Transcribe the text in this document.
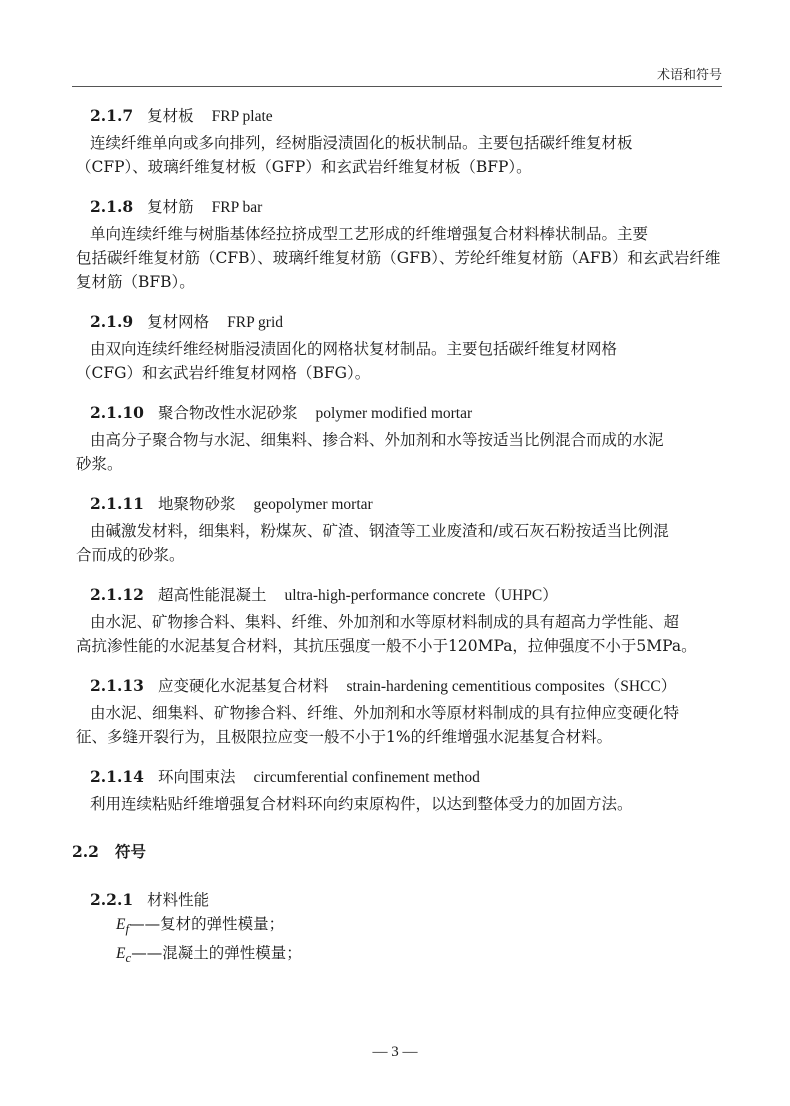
术语和符号
2.1.7 复材板 FRP plate
连续纤维单向或多向排列，经树脂浸渍固化的板状制品。主要包括碳纤维复材板
（CFP）、玻璃纤维复材板（GFP）和玄武岩纤维复材板（BFP）。
2.1.8 复材筋 FRP bar
单向连续纤维与树脂基体经拉挤成型工艺形成的纤维增强复合材料棒状制品。主要
包括碳纤维复材筋（CFB）、玻璃纤维复材筋（GFB）、芳纶纤维复材筋（AFB）和玄武岩纤维
复材筋（BFB）。
2.1.9 复材网格 FRP grid
由双向连续纤维经树脂浸渍固化的网格状复材制品。主要包括碳纤维复材网格
（CFG）和玄武岩纤维复材网格（BFG）。
2.1.10 聚合物改性水泥砂浆 polymer modified mortar
由高分子聚合物与水泥、细集料、掺合料、外加剂和水等按适当比例混合而成的水泥
砂浆。
2.1.11 地聚物砂浆 geopolymer mortar
由碱激发材料，细集料，粉煤灰、矿渣、钢渣等工业废渣和/或石灰石粉按适当比例混
合而成的砂浆。
2.1.12 超高性能混凝土 ultra-high-performance concrete（UHPC）
由水泥、矿物掺合料、集料、纤维、外加剂和水等原材料制成的具有超高力学性能、超
高抗渗性能的水泥基复合材料，其抗压强度一般不小于120MPa，拉伸强度不小于5MPa。
2.1.13 应变硬化水泥基复合材料 strain-hardening cementitious composites（SHCC）
由水泥、细集料、矿物掺合料、纤维、外加剂和水等原材料制成的具有拉伸应变硬化特
征、多缝开裂行为，且极限拉应变一般不小于1%的纤维增强水泥基复合材料。
2.1.14 环向围束法 circumferential confinement method
利用连续粘贴纤维增强复合材料环向约束原构件，以达到整体受力的加固方法。
2.2 符号
2.2.1 材料性能
$E_f——$复材的弹性模量；
$E_c——$混凝土的弹性模量；
— 3 —
